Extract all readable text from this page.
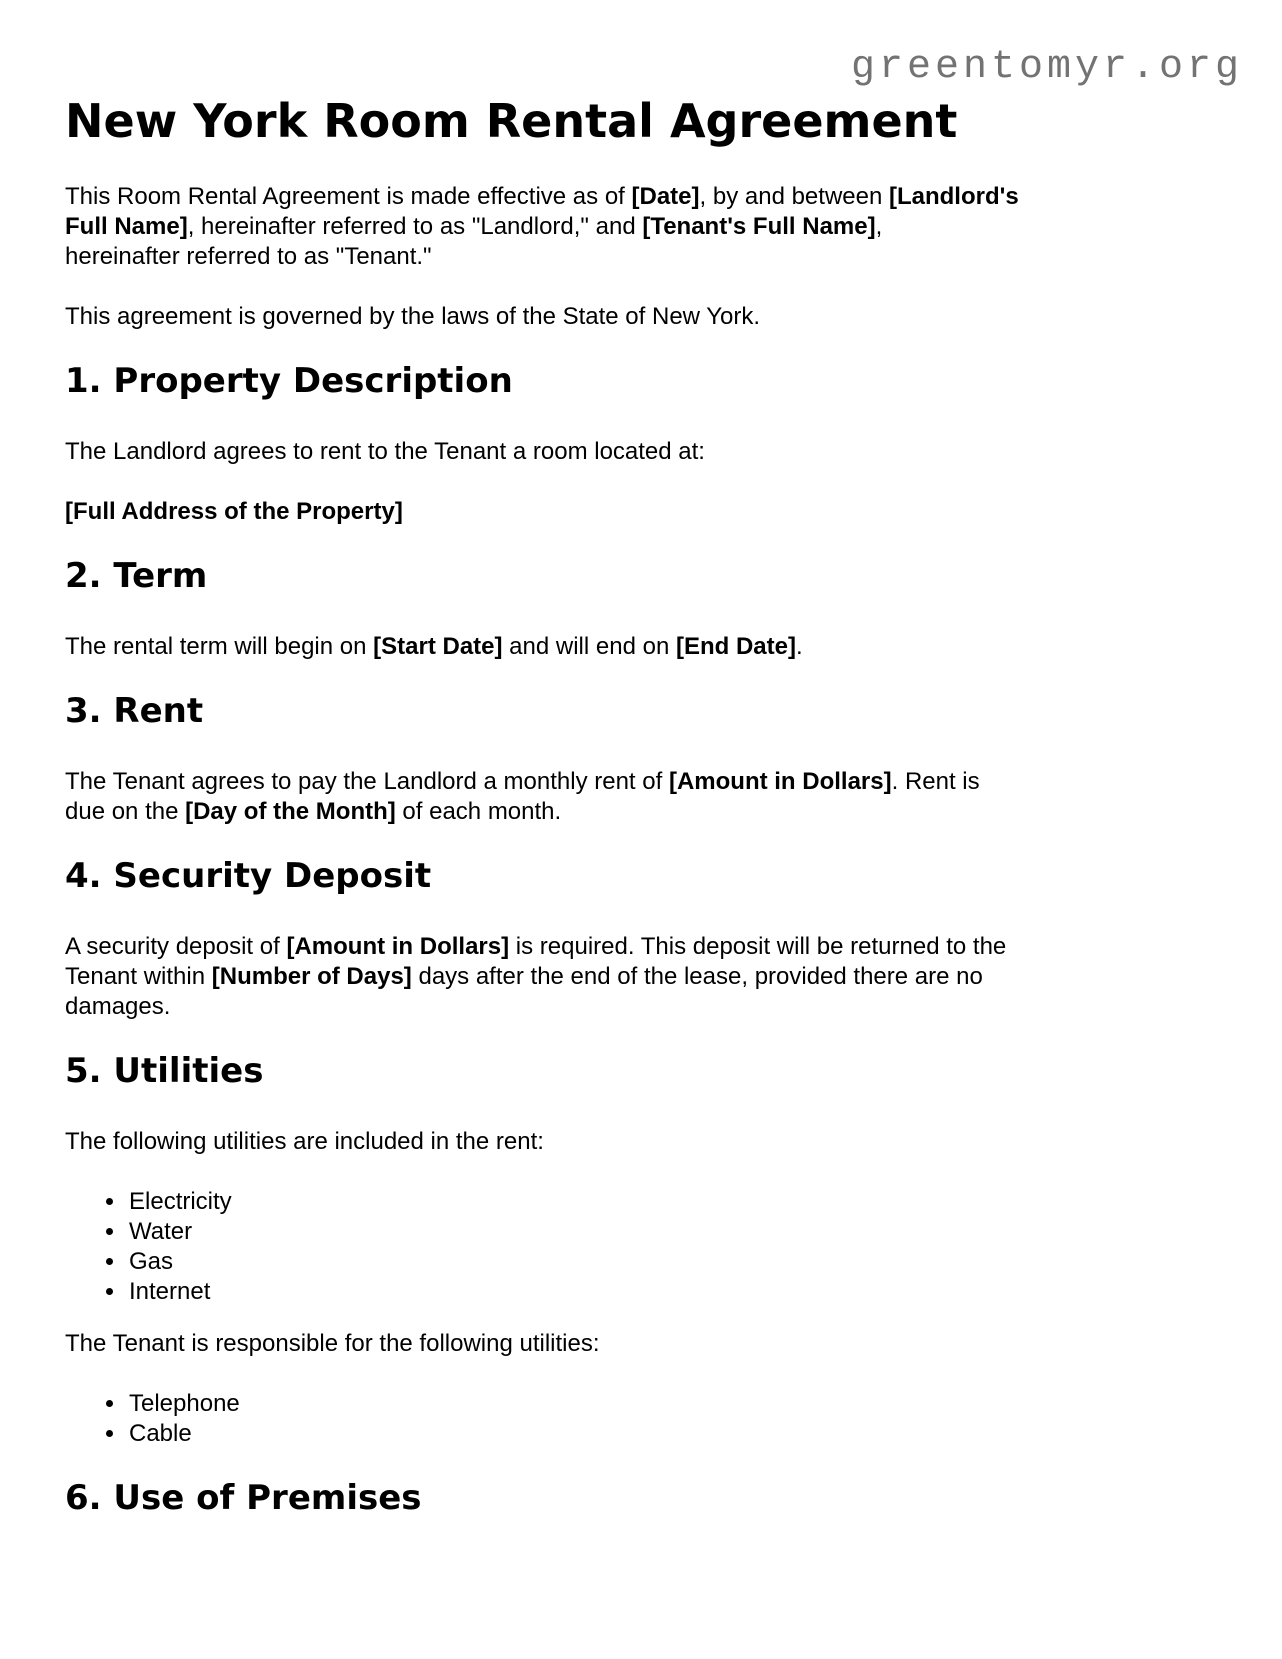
greentomyr.org
New York Room Rental Agreement

This Room Rental Agreement is made effective as of [Date], by and between [Landlord's
Full Name], hereinafter referred to as "Landlord," and [Tenant's Full Name],
hereinafter referred to as "Tenant."

This agreement is governed by the laws of the State of New York.

1. Property Description

The Landlord agrees to rent to the Tenant a room located at:

[Full Address of the Property]

2. Term

The rental term will begin on [Start Date] and will end on [End Date].

3. Rent

The Tenant agrees to pay the Landlord a monthly rent of [Amount in Dollars]. Rent is
due on the [Day of the Month] of each month.

4. Security Deposit

A security deposit of [Amount in Dollars] is required. This deposit will be returned to the
Tenant within [Number of Days] days after the end of the lease, provided there are no
damages.

5. Utilities

The following utilities are included in the rent:

• Electricity
• Water
• Gas
• Internet

The Tenant is responsible for the following utilities:

• Telephone
• Cable
6. Use of Premises
